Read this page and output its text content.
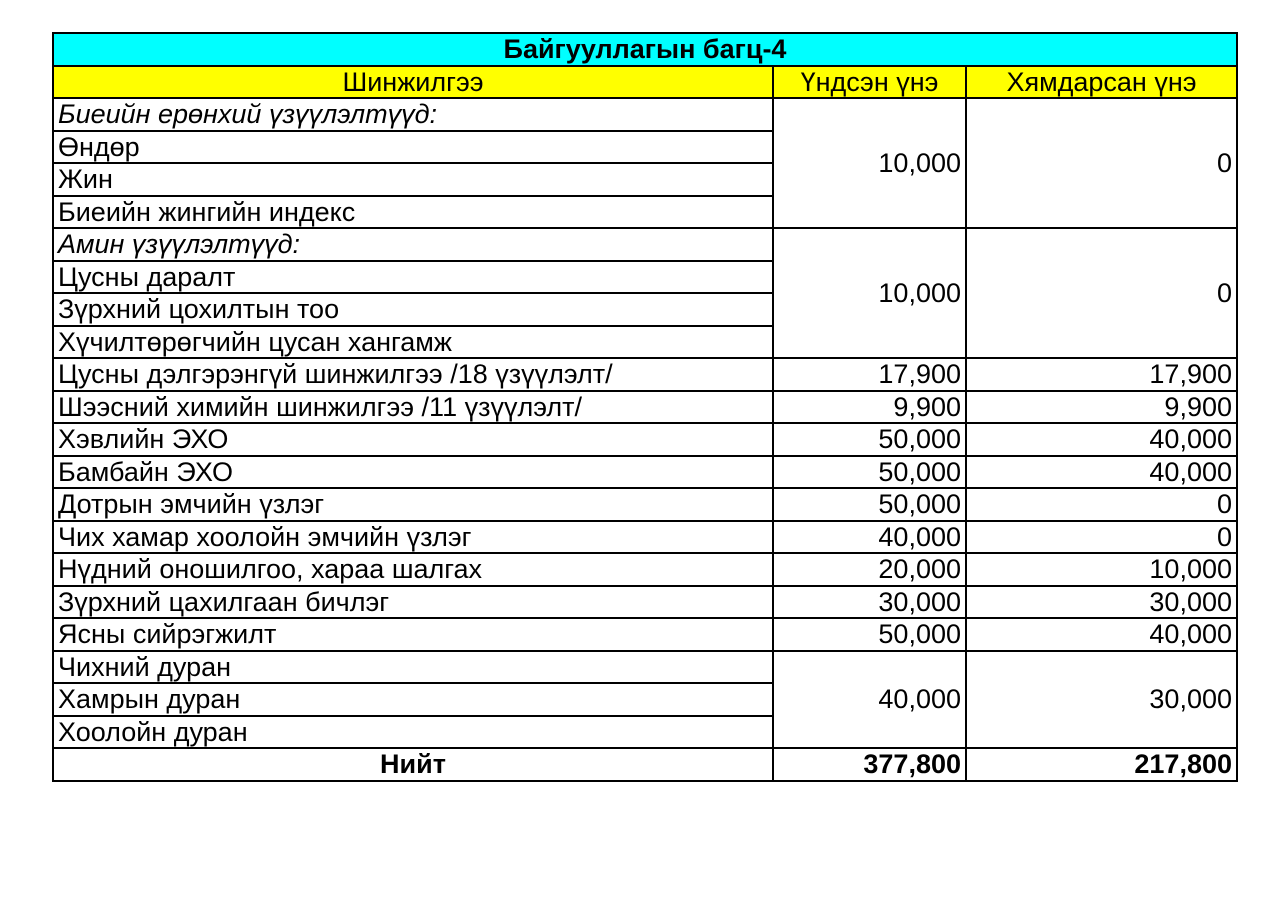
Байгууллагын багц-4		
Шинжилгээ	Үндсэн үнэ	Хямдарсан үнэ
Биеийн ерөнхий үзүүлэлтүүд:	10,000	0
Өндөр		
Жин		
Биеийн жингийн индекс		
Амин үзүүлэлтүүд:	10,000	0
Цусны даралт		
Зүрхний цохилтын тоо		
Хүчилтөрөгчийн цусан хангамж		
Цусны дэлгэрэнгүй шинжилгээ /18 үзүүлэлт/	17,900	17,900
Шээсний химийн шинжилгээ /11 үзүүлэлт/	9,900	9,900
Хэвлийн ЭХО	50,000	40,000
Бамбайн ЭХО	50,000	40,000
Дотрын эмчийн үзлэг	50,000	0
Чих хамар хоолойн эмчийн үзлэг	40,000	0
Нүдний оношилгоо, хараа шалгах	20,000	10,000
Зүрхний цахилгаан бичлэг	30,000	30,000
Ясны сийрэгжилт	50,000	40,000
Чихний дуран	40,000	30,000
Хамрын дуран		
Хоолойн дуран		
Нийт	377,800	217,800
